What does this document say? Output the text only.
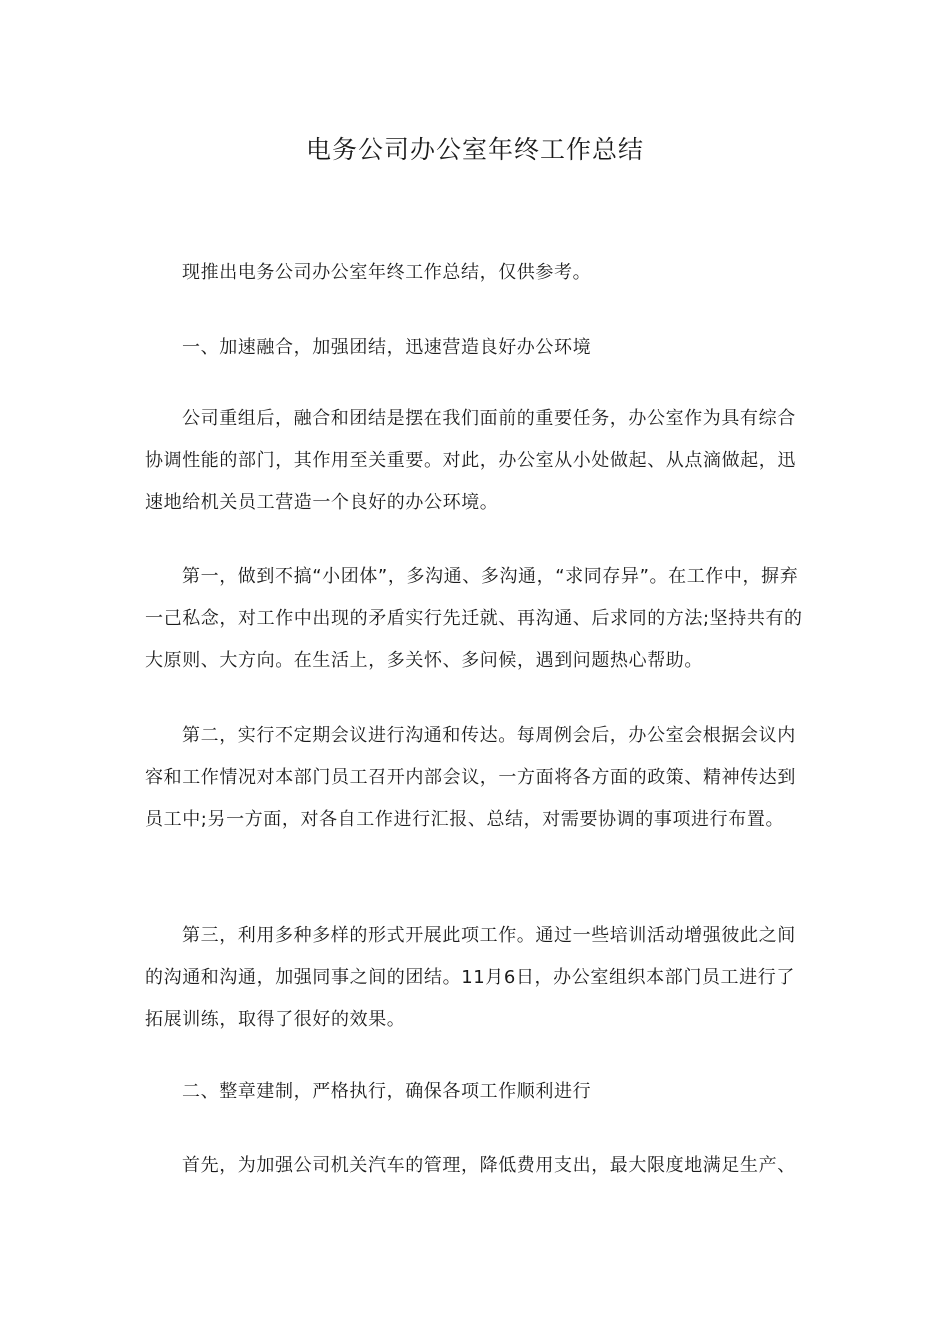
电务公司办公室年终工作总结
现推出电务公司办公室年终工作总结，仅供参考。
一、加速融合，加强团结，迅速营造良好办公环境
公司重组后，融合和团结是摆在我们面前的重要任务，办公室作为具有综合协调性能的部门，其作用至关重要。对此，办公室从小处做起、从点滴做起，迅速地给机关员工营造一个良好的办公环境。
第一，做到不搞“小团体”，多沟通、多沟通，“求同存异”。在工作中，摒弃一己私念，对工作中出现的矛盾实行先迁就、再沟通、后求同的方法;坚持共有的大原则、大方向。在生活上，多关怀、多问候，遇到问题热心帮助。
第二，实行不定期会议进行沟通和传达。每周例会后，办公室会根据会议内容和工作情况对本部门员工召开内部会议，一方面将各方面的政策、精神传达到员工中;另一方面，对各自工作进行汇报、总结，对需要协调的事项进行布置。
第三，利用多种多样的形式开展此项工作。通过一些培训活动增强彼此之间的沟通和沟通，加强同事之间的团结。11月6日，办公室组织本部门员工进行了拓展训练，取得了很好的效果。
二、整章建制，严格执行，确保各项工作顺利进行
首先，为加强公司机关汽车的管理，降低费用支出，最大限度地满足生产、
